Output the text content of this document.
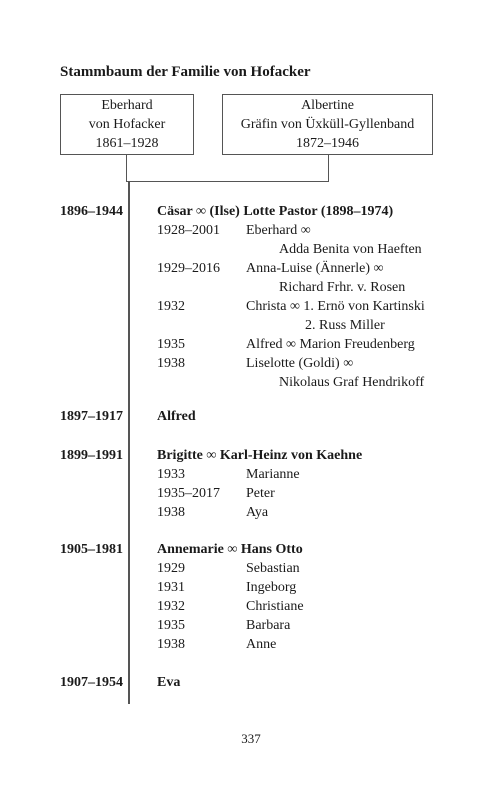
Stammbaum der Familie von Hofacker
Eberhard
von Hofacker
1861–1928
Albertine
Gräfin von Üxküll-Gyllenband
1872–1946
1896–1944 Cäsar ∞ (Ilse) Lotte Pastor (1898–1974)
1928–2001 Eberhard ∞
Adda Benita von Haeften
1929–2016 Anna-Luise (Ännerle) ∞
Richard Frhr. v. Rosen
1932	Christa ∞ 1. Ernö von Kartinski
2. Russ Miller
1935	Alfred ∞ Marion Freudenberg
1938	Liselotte (Goldi) ∞
Nikolaus Graf Hendrikoff
1897–1917 Alfred
1899–1991 Brigitte ∞ Karl-Heinz von Kaehne
1933	Marianne
1935–2017 Peter
1938	Aya
1905–1981 Annemarie ∞ Hans Otto
1929	Sebastian
1931	Ingeborg
1932	Christiane
1935	Barbara
1938	Anne
1907–1954 Eva
337
